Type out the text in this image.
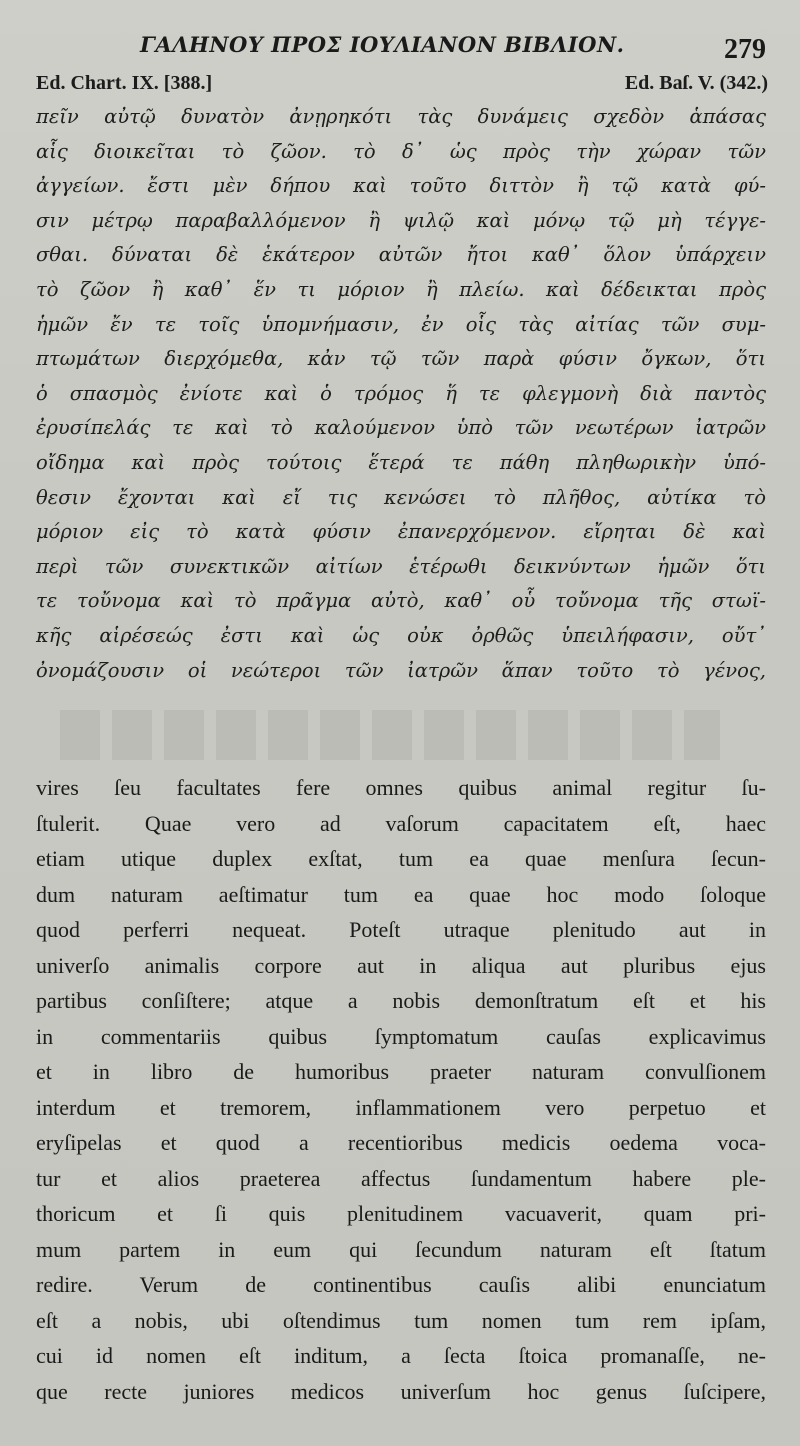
ΓΑΛΗΝΟΥ ΠΡΟΣ ΙΟΥΛΙΑΝΟΝ ΒΙΒΛΙΟΝ.	279
Ed. Chart. IX. [388.]	Ed. Baſ. V. (342.)
πεῖν αὐτῷ δυνατὸν ἀνῃρηκότι τὰς δυνάμεις σχεδὸν ἁπάσας
αἷς διοικεῖται τὸ ζῶον. τὸ δ᾽ ὡς πρὸς τὴν χώραν τῶν
ἀγγείων. ἔστι μὲν δήπου καὶ τοῦτο διττὸν ἢ τῷ κατὰ φύ-
σιν μέτρῳ παραβαλλόμενον ἢ ψιλῷ καὶ μόνῳ τῷ μὴ τέγγε-
σθαι. δύναται δὲ ἑκάτερον αὐτῶν ἤτοι καθ᾽ ὅλον ὑπάρχειν
τὸ ζῶον ἢ καθ᾽ ἕν τι μόριον ἢ πλείω. καὶ δέδεικται πρὸς
ἡμῶν ἔν τε τοῖς ὑπομνήμασιν, ἐν οἷς τὰς αἰτίας τῶν συμ-
πτωμάτων διερχόμεθα, κἀν τῷ τῶν παρὰ φύσιν ὄγκων, ὅτι
ὁ σπασμὸς ἐνίοτε καὶ ὁ τρόμος ἥ τε φλεγμονὴ διὰ παντὸς
ἐρυσίπελάς τε καὶ τὸ καλούμενον ὑπὸ τῶν νεωτέρων ἰατρῶν
οἴδημα καὶ πρὸς τούτοις ἕτερά τε πάθη πληθωρικὴν ὑπό-
θεσιν ἔχονται καὶ εἴ τις κενώσει τὸ πλῆθος, αὐτίκα τὸ
μόριον εἰς τὸ κατὰ φύσιν ἐπανερχόμενον. εἴρηται δὲ καὶ
περὶ τῶν συνεκτικῶν αἰτίων ἑτέρωθι δεικνύντων ἡμῶν ὅτι
τε τοὔνομα καὶ τὸ πρᾶγμα αὐτὸ, καθ᾽ οὗ τοὔνομα τῆς στωϊ-
κῆς αἱρέσεώς ἐστι καὶ ὡς οὐκ ὀρθῶς ὑπειλήφασιν, οὔτ᾽
ὀνομάζουσιν οἱ νεώτεροι τῶν ἰατρῶν ἅπαν τοῦτο τὸ γένος,
vires ſeu facultates fere omnes quibus animal regitur ſu-
ſtulerit. Quae vero ad vaſorum capacitatem eſt, haec
etiam utique duplex exſtat, tum ea quae menſura ſecun-
dum naturam aeſtimatur tum ea quae hoc modo ſoloque
quod perferri nequeat. Poteſt utraque plenitudo aut in
univerſo animalis corpore aut in aliqua aut pluribus ejus
partibus conſiſtere; atque a nobis demonſtratum eſt et his
in commentariis quibus ſymptomatum cauſas explicavimus
et in libro de humoribus praeter naturam convulſionem
interdum et tremorem, inflammationem vero perpetuo et
eryſipelas et quod a recentioribus medicis oedema voca-
tur et alios praeterea affectus ſundamentum habere ple-
thoricum et ſi quis plenitudinem vacuaverit, quam pri-
mum partem in eum qui ſecundum naturam eſt ſtatum
redire. Verum de continentibus cauſis alibi enunciatum
eſt a nobis, ubi oſtendimus tum nomen tum rem ipſam,
cui id nomen eſt inditum, a ſecta ſtoica promanaſſe, ne-
que recte juniores medicos univerſum hoc genus ſuſcipere,
